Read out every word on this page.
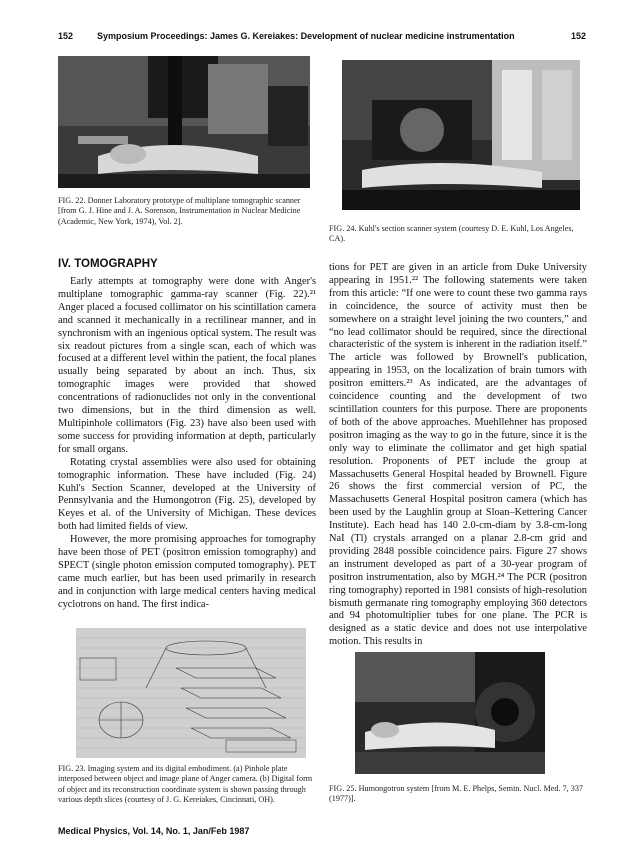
152	Symposium Proceedings: James G. Kereiakes: Development of nuclear medicine instrumentation	152
FIG. 22. Donner Laboratory prototype of multiplane tomographic scanner [from G. J. Hine and J. A. Sorenson, Instrumentation in Nuclear Medicine (Academic, New York, 1974), Vol. 2].
FIG. 24. Kuhl's section scanner system (courtesy D. E. Kuhl, Los Angeles, CA).
IV. TOMOGRAPHY

Early attempts at tomography were done with Anger's multiplane tomographic gamma-ray scanner (Fig. 22).²¹ Anger placed a focused collimator on his scintillation camera and scanned it mechanically in a rectilinear manner, and in synchronism with an ingenious optical system. The result was six readout pictures from a single scan, each of which was focused at a different level within the patient, the focal planes usually being separated by about an inch. Thus, six tomographic images were provided that showed concentrations of radionuclides not only in the conventional two dimensions, but in the third dimension as well. Multipinhole collimators (Fig. 23) have also been used with some success for providing information at depth, particularly for small organs.

Rotating crystal assemblies were also used for obtaining tomographic information. These have included (Fig. 24) Kuhl's Section Scanner, developed at the University of Pennsylvania and the Humongotron (Fig. 25), developed by Keyes et al. of the University of Michigan. These devices both had limited fields of view.

However, the more promising approaches for tomography have been those of PET (positron emission tomography) and SPECT (single photon emission computed tomography). PET came much earlier, but has been used primarily in research and in conjunction with large medical centers having medical cyclotrons on hand. The first indica-

tions for PET are given in an article from Duke University appearing in 1951.²² The following statements were taken from this article: “If one were to count these two gamma rays in coincidence, the source of activity must then be somewhere on a straight level joining the two counters,” and “no lead collimator should be required, since the directional characteristic of the system is inherent in the radiation itself.” The article was followed by Brownell's publication, appearing in 1953, on the localization of brain tumors with positron emitters.²³ As indicated, are the advantages of coincidence counting and the development of two scintillation counters for this purpose. There are proponents of both of the above approaches. Muehllehner has proposed positron imaging as the way to go in the future, since it is the only way to eliminate the collimator and get high spatial resolution. Proponents of PET include the group at Massachusetts General Hospital headed by Brownell. Figure 26 shows the first commercial version of PC, the Massachusetts General Hospital positron camera (which has been used by the Laughlin group at Sloan–Kettering Cancer Institute). Each head has 140 2.0-cm-diam by 3.8-cm-long NaI (Tl) crystals arranged on a planar 2.8-cm grid and providing 2848 possible coincidence pairs. Figure 27 shows an instrument developed as part of a 30-year program of positron instrumentation, also by MGH.²⁴ The PCR (positron ring tomography) reported in 1981 consists of high-resolution bismuth germanate ring tomography employing 360 detectors and 94 photomultiplier tubes for one plane. The PCR is designed as a static device and does not use interpolative motion. This results in

FIG. 23. Imaging system and its digital embodiment. (a) Pinhole plate interposed between object and image plane of Anger camera. (b) Digital form of object and its reconstruction coordinate system is shown passing through various depth slices (courtesy of J. G. Kereiakes, Cincinnati, OH).
FIG. 25. Humongotron system [from M. E. Phelps, Semin. Nucl. Med. 7, 337 (1977)].
Medical Physics, Vol. 14, No. 1, Jan/Feb 1987
